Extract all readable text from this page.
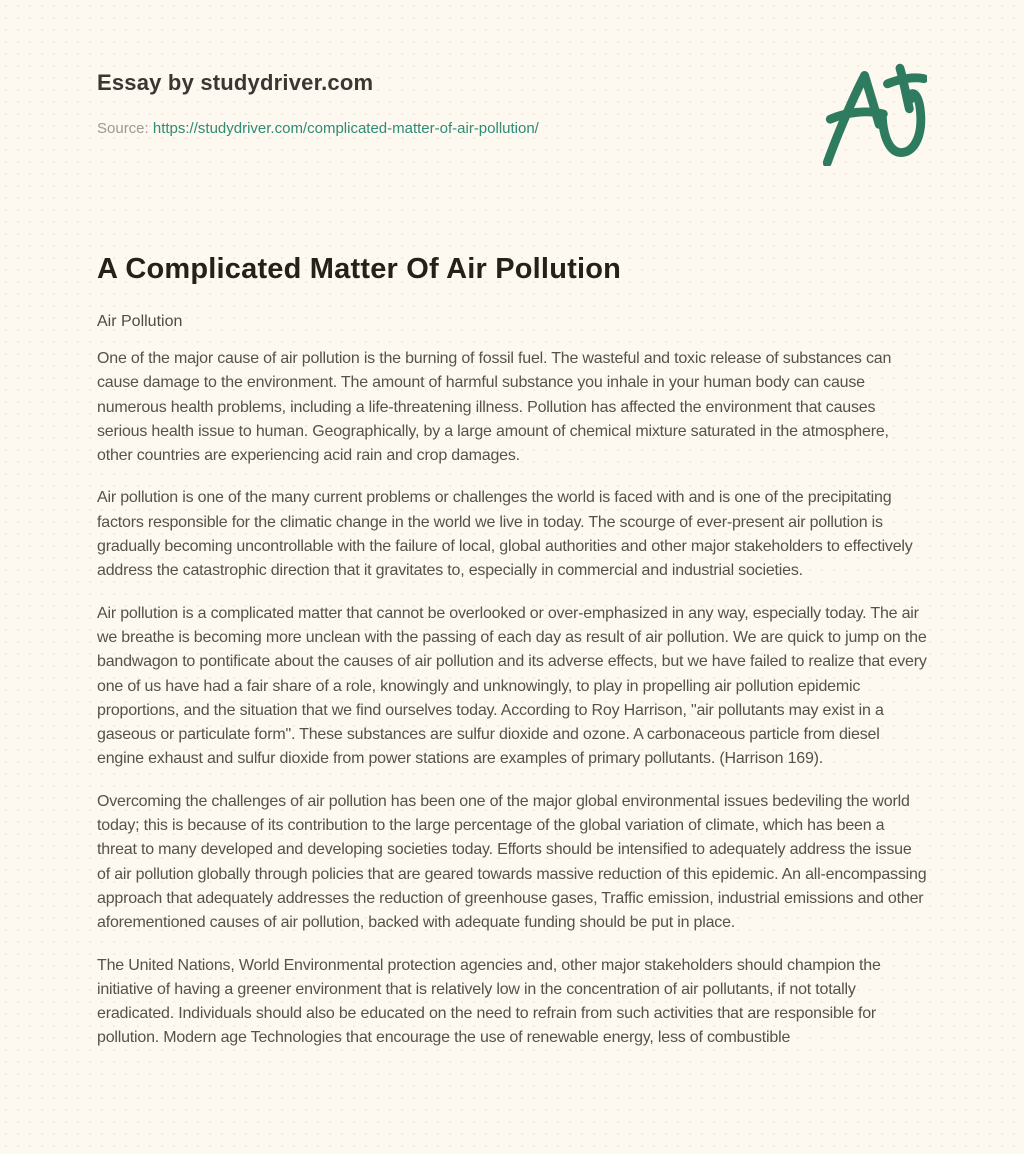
Essay by studydriver.com
Source: https://studydriver.com/complicated-matter-of-air-pollution/
A Complicated Matter Of Air Pollution

Air Pollution

One of the major cause of air pollution is the burning of fossil fuel. The wasteful and toxic release of substances can cause damage to the environment. The amount of harmful substance you inhale in your human body can cause numerous health problems, including a life-threatening illness. Pollution has affected the environment that causes serious health issue to human. Geographically, by a large amount of chemical mixture saturated in the atmosphere, other countries are experiencing acid rain and crop damages.

Air pollution is one of the many current problems or challenges the world is faced with and is one of the precipitating factors responsible for the climatic change in the world we live in today. The scourge of ever-present air pollution is gradually becoming uncontrollable with the failure of local, global authorities and other major stakeholders to effectively address the catastrophic direction that it gravitates to, especially in commercial and industrial societies.

Air pollution is a complicated matter that cannot be overlooked or over-emphasized in any way, especially today. The air we breathe is becoming more unclean with the passing of each day as result of air pollution. We are quick to jump on the bandwagon to pontificate about the causes of air pollution and its adverse effects, but we have failed to realize that every one of us have had a fair share of a role, knowingly and unknowingly, to play in propelling air pollution epidemic proportions, and the situation that we find ourselves today. According to Roy Harrison, "air pollutants may exist in a gaseous or particulate form". These substances are sulfur dioxide and ozone. A carbonaceous particle from diesel engine exhaust and sulfur dioxide from power stations are examples of primary pollutants. (Harrison 169).

Overcoming the challenges of air pollution has been one of the major global environmental issues bedeviling the world today; this is because of its contribution to the large percentage of the global variation of climate, which has been a threat to many developed and developing societies today. Efforts should be intensified to adequately address the issue of air pollution globally through policies that are geared towards massive reduction of this epidemic. An all-encompassing approach that adequately addresses the reduction of greenhouse gases, Traffic emission, industrial emissions and other aforementioned causes of air pollution, backed with adequate funding should be put in place.

The United Nations, World Environmental protection agencies and, other major stakeholders should champion the initiative of having a greener environment that is relatively low in the concentration of air pollutants, if not totally eradicated. Individuals should also be educated on the need to refrain from such activities that are responsible for pollution. Modern age Technologies that encourage the use of renewable energy, less of combustible
